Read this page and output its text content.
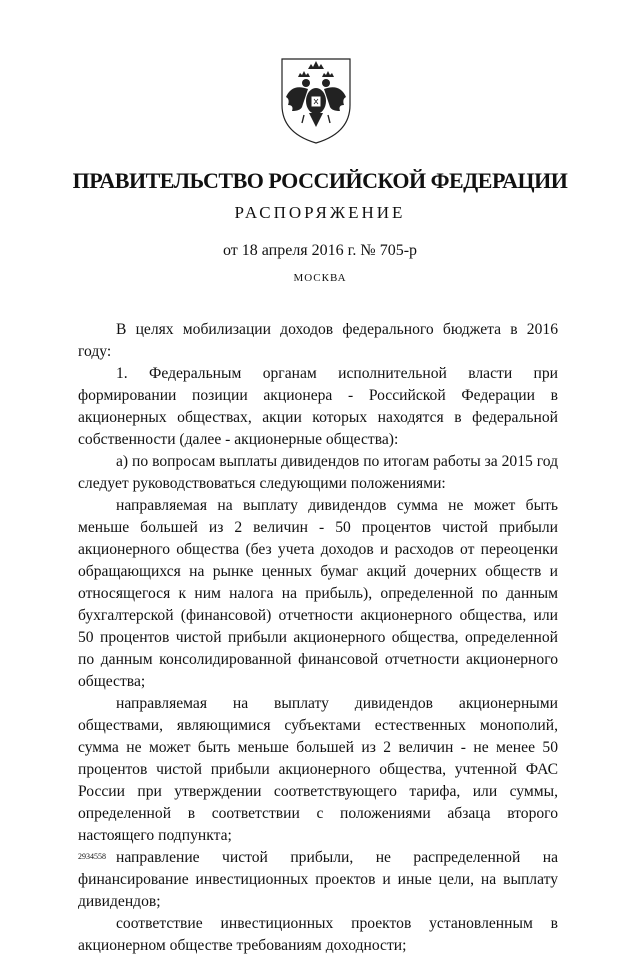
ПРАВИТЕЛЬСТВО РОССИЙСКОЙ ФЕДЕРАЦИИ
РАСПОРЯЖЕНИЕ
от 18 апреля 2016 г. № 705-р
МОСКВА

В целях мобилизации доходов федерального бюджета в 2016 году:

1. Федеральным органам исполнительной власти при формировании позиции акционера - Российской Федерации в акционерных обществах, акции которых находятся в федеральной собственности (далее - акционерные общества):

а) по вопросам выплаты дивидендов по итогам работы за 2015 год следует руководствоваться следующими положениями:

направляемая на выплату дивидендов сумма не может быть меньше большей из 2 величин - 50 процентов чистой прибыли акционерного общества (без учета доходов и расходов от переоценки обращающихся на рынке ценных бумаг акций дочерних обществ и относящегося к ним налога на прибыль), определенной по данным бухгалтерской (финансовой) отчетности акционерного общества, или 50 процентов чистой прибыли акционерного общества, определенной по данным консолидированной финансовой отчетности акционерного общества;

направляемая на выплату дивидендов акционерными обществами, являющимися субъектами естественных монополий, сумма не может быть меньше большей из 2 величин - не менее 50 процентов чистой прибыли акционерного общества, учтенной ФАС России при утверждении соответствующего тарифа, или суммы, определенной в соответствии с положениями абзаца второго настоящего подпункта;

направление чистой прибыли, не распределенной на финансирование инвестиционных проектов и иные цели, на выплату дивидендов;

соответствие инвестиционных проектов установленным в акционерном обществе требованиям доходности;

2934558
